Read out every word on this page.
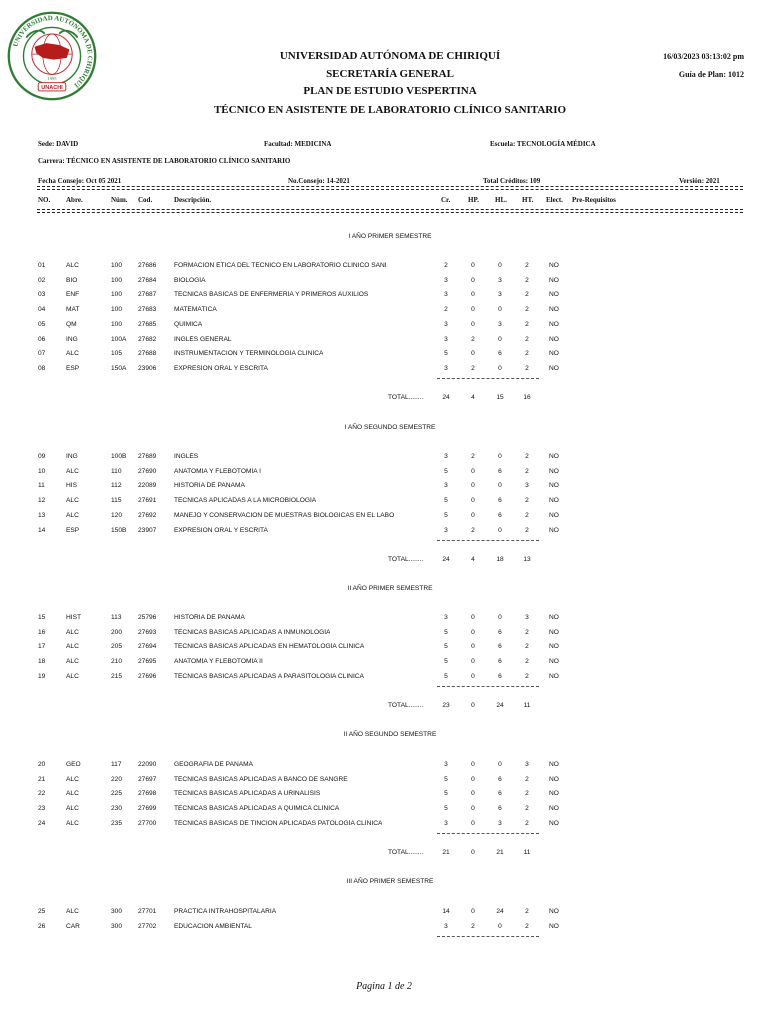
UNIVERSIDAD AUTÓNOMA DE CHIRIQUÍ
1995
UNACHI
UNIVERSIDAD AUTÓNOMA DE CHIRIQUÍ
SECRETARÍA GENERAL
PLAN DE ESTUDIO VESPERTINA
TÉCNICO EN ASISTENTE DE LABORATORIO CLÍNICO SANITARIO
16/03/2023 03:13:02 pm
Guía de Plan: 1012
Sede: DAVID	Facultad: MEDICINA	Escuela: TECNOLOGÍA MÉDICA
Carrera: TÉCNICO EN ASISTENTE DE LABORATORIO CLÍNICO SANITARIO
Fecha Consejo: Oct 05 2021	No.Consejo: 14-2021	Total Créditos: 109	Versión: 2021
NO. Abre.	Núm. Cod.	Descripción.	Cr.	HP. HL. HT. Elect. Pre-Requisitos
I AÑO PRIMER SEMESTRE
01	ALC	100 27686	FORMACIÓN ÉTICA DEL TÉCNICO EN LABORATORIO CLÍNICO SANI	2	0	0	2	NO
02	BIO	100 27684	BIOLOGÍA	3	0	3	2	NO
03	ENF	100 27687	TÉCNICAS BÁSICAS DE ENFERMERÍA Y PRIMEROS AUXILIOS	3	0	3	2	NO
04	MAT	100 27683	MATEMÁTICA	2	0	0	2	NO
05	QM	100 27685	QUÍMICA	3	0	3	2	NO
06	ING	100A 27682	INGLÉS GENERAL	3	2	0	2	NO
07	ALC	105 27688	INSTRUMENTACIÓN Y TERMINOLOGÍA CLÍNICA	5	0	6	2	NO
08	ESP	150A 23906	EXPRESIÓN ORAL Y ESCRITA	3	2	0	2	NO
TOTAL........	24	4	15	16
I AÑO SEGUNDO SEMESTRE
09	ING	100B 27689	INGLÉS	3	2	0	2	NO
10	ALC	110 27690	ANATOMÍA Y FLEBOTOMÍA I	5	0	6	2	NO
11	HIS	112 22089	HISTORIA DE PANAMÁ	3	0	0	3	NO
12	ALC	115 27691	TÉCNICAS APLICADAS A LA MICROBIOLOGÍA	5	0	6	2	NO
13	ALC	120 27692	MANEJO Y CONSERVACIÓN DE MUESTRAS BIOLÓGICAS EN EL LABO	5	0	6	2	NO
14	ESP	150B 23907	EXPRESIÓN ORAL Y ESCRITA	3	2	0	2	NO
TOTAL........	24	4	18	13
II AÑO PRIMER SEMESTRE
15	HIST	113 25796	HISTORIA DE PANAMÁ	3	0	0	3	NO
16	ALC	200 27693	TÉCNICAS BÁSICAS APLICADAS A INMUNOLOGÍA	5	0	6	2	NO
17	ALC	205 27694	TÉCNICAS BÁSICAS APLICADAS EN HEMATOLOGÍA CLINICA	5	0	6	2	NO
18	ALC	210 27695	ANATOMÍA Y FLEBOTOMÍA II	5	0	6	2	NO
19	ALC	215 27696	TÉCNICAS BÁSICAS APLICADAS A PARASITOLOGÍA CLINICA	5	0	6	2	NO
TOTAL........	23	0	24	11
II AÑO SEGUNDO SEMESTRE
20	GEO	117 22090	GEOGRAFÍA DE PANAMÁ	3	0	0	3	NO
21	ALC	220 27697	TÉCNICAS BÁSICAS APLICADAS A BANCO DE SANGRE	5	0	6	2	NO
22	ALC	225 27698	TÉCNICAS BÁSICAS APLICADAS A URINÁLISIS	5	0	6	2	NO
23	ALC	230 27699	TÉCNICAS BÁSICAS APLICADAS A QUÍMICA CLÍNICA	5	0	6	2	NO
24	ALC	235 27700	TÉCNICAS BÁSICAS DE TINCIÓN APLICADAS PATOLOGÍA CLÍNICA	3	0	3	2	NO
TOTAL........	21	0	21	11
III AÑO PRIMER SEMESTRE
25	ALC	300 27701	PRÁCTICA INTRAHOSPITALARIA	14	0	24	2	NO
26	CAR	300 27702	EDUCACIÓN AMBIENTAL	3	2	0	2	NO
Pagina 1 de 2
